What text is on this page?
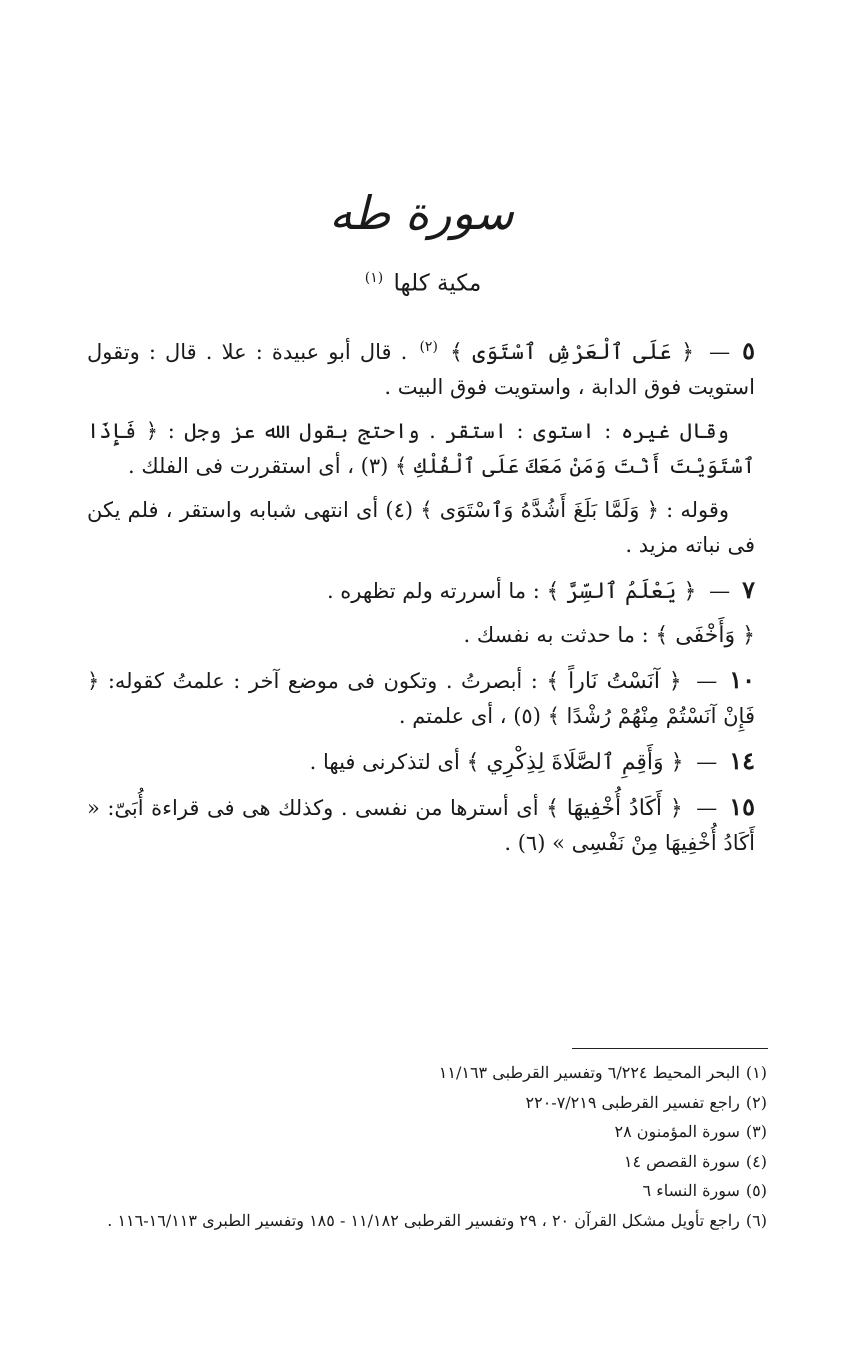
سورة طه
مكية كلها $^{(١)}$

٥— ﴿ عَلَى ٱلْعَرْشِ ٱسْتَوَى ﴾ $^{(٢)}$ . قال أبو عبيدة : علا . قال : وتقول استويت فوق الدابة ، واستويت فوق البيت .

وقال غيره : استوى : استقر . واحتج بقول الله عز وجل : ﴿ فَإِذَا ٱسْتَوَيْتَ أَنْتَ وَمَنْ مَعَكَ عَلَى ٱلْفُلْكِ ﴾ (٣) ، أى استقررت فى الفلك .

وقوله : ﴿ وَلَمَّا بَلَغَ أَشُدَّهُ وَٱسْتَوَى ﴾ (٤) أى انتهى شبابه واستقر ، فلم يكن فى نباته مزيد .

٧— ﴿ يَعْلَمُ ٱلسِّرَّ ﴾ : ما أسررته ولم تظهره .

﴿ وَأَخْفَى ﴾ : ما حدثت به نفسك .

١٠— ﴿ آنَسْتُ نَاراً ﴾ : أبصرتُ . وتكون فى موضع آخر : علمتُ كقوله: ﴿ فَإِنْ آنَسْتُمْ مِنْهُمْ رُشْدًا ﴾ (٥) ، أى علمتم .

١٤— ﴿ وَأَقِمِ ٱلصَّلَاةَ لِذِكْرِي ﴾ أى لتذكرنى فيها .

١٥— ﴿ أَكَادُ أُخْفِيهَا ﴾ أى أسترها من نفسى . وكذلك هى فى قراءة أُبَىّ: « أَكَادُ أُخْفِيهَا مِنْ نَفْسِى » (٦) .

(١)البحر المحيط ٦/٢٢٤ وتفسير القرطبى ١١/١٦٣

(٢)راجع تفسير القرطبى ٧/٢١٩-٢٢٠

(٣)سورة المؤمنون ٢٨

(٤)سورة القصص ١٤

(٥)سورة النساء ٦

(٦)راجع تأويل مشكل القرآن ٢٠ ، ٢٩ وتفسير القرطبى ١١/١٨٢ - ١٨٥ وتفسير الطبرى ١٦/١١٣-١١٦ .
